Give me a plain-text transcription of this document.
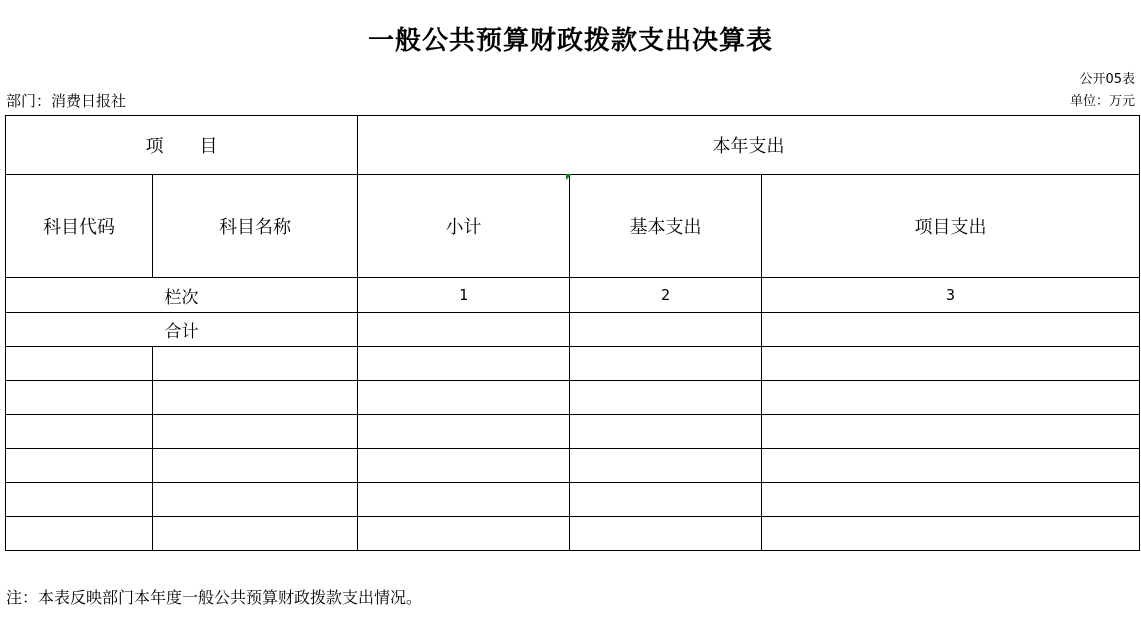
一般公共预算财政拨款支出决算表
公开05表
部门：消费日报社	单位：万元
项　　目		本年支出		
科目代码	科目名称	小计	基本支出	项目支出
栏次		1	2	3
合计				

注：本表反映部门本年度一般公共预算财政拨款支出情况。
